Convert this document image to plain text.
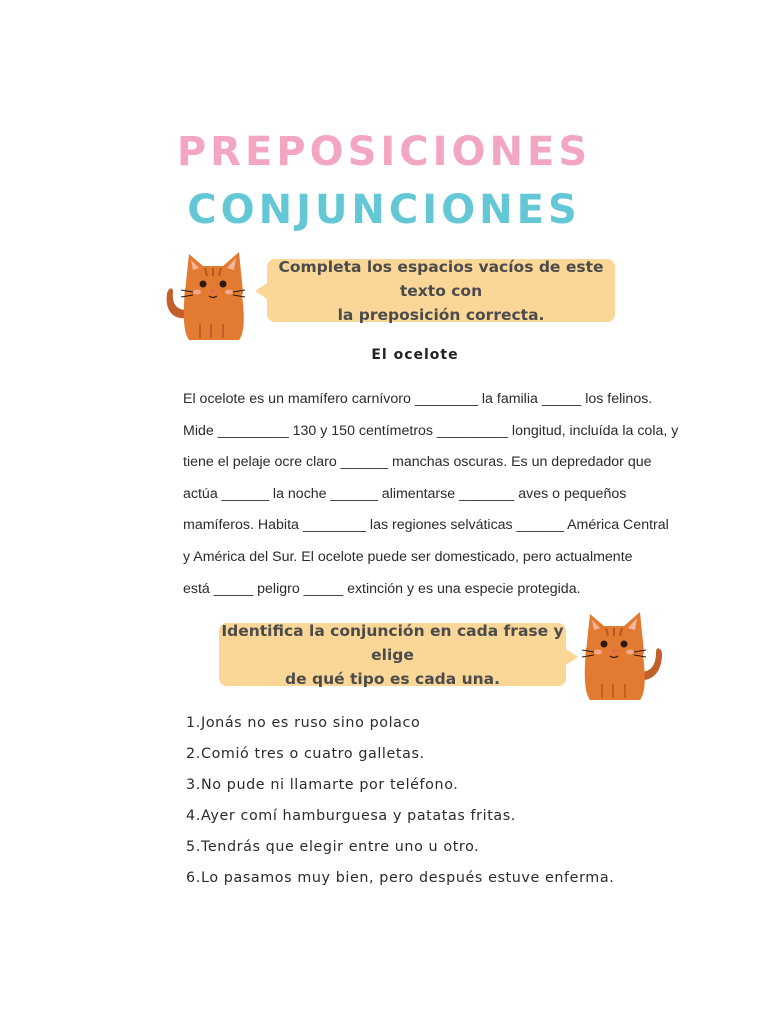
PREPOSICIONES
CONJUNCIONES
Completa los espacios vacíos de este texto con
la preposición correcta.
El ocelote
El ocelote es un mamífero carnívoro ________ la familia _____ los felinos.
Mide _________ 130 y 150 centímetros _________ longitud, incluída la cola, y
tiene el pelaje ocre claro ______ manchas oscuras. Es un depredador que
actúa ______ la noche ______ alimentarse _______ aves o pequeños
mamíferos. Habita ________ las regiones selváticas ______ América Central
y América del Sur. El ocelote puede ser domesticado, pero actualmente
está _____ peligro _____ extinción y es una especie protegida.
Identifica la conjunción en cada frase y elige
de qué tipo es cada una.
1.Jonás no es ruso sino polaco
2.Comió tres o cuatro galletas.
3.No pude ni llamarte por teléfono.
4.Ayer comí hamburguesa y patatas fritas.
5.Tendrás que elegir entre uno u otro.
6.Lo pasamos muy bien, pero después estuve enferma.
